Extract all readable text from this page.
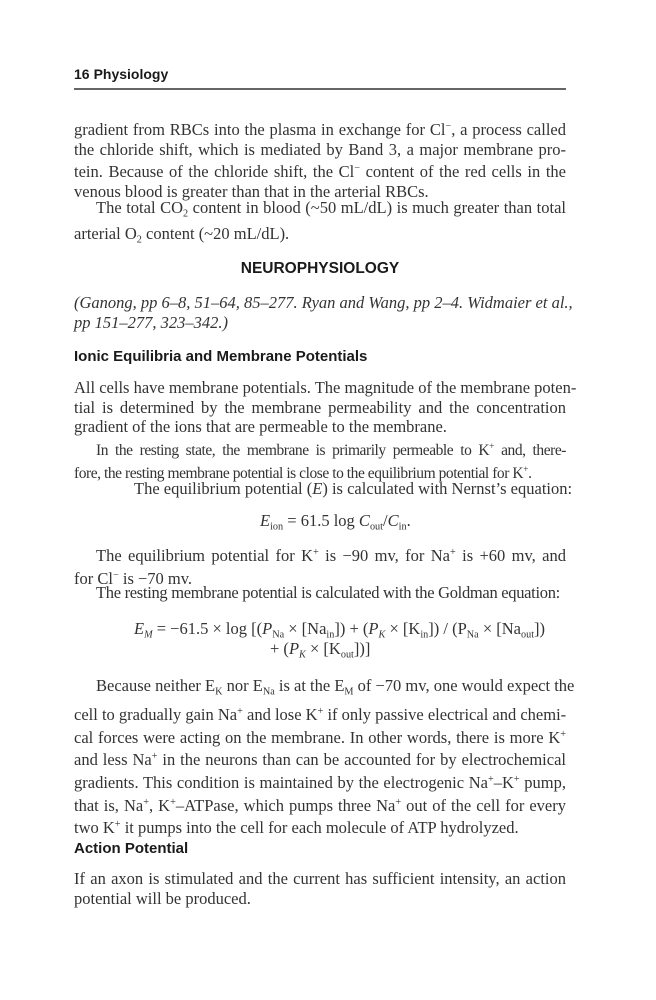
16 Physiology
gradient from RBCs into the plasma in exchange for Cl−, a process called
the chloride shift, which is mediated by Band 3, a major membrane pro-
tein. Because of the chloride shift, the Cl− content of the red cells in the
venous blood is greater than that in the arterial RBCs.
The total $CO_2$ content in blood (~50 mL/dL) is much greater than total
arterial $O_2$ content (~20 mL/dL).
NEUROPHYSIOLOGY
(Ganong, pp 6–8, 51–64, 85–277. Ryan and Wang, pp 2–4. Widmaier et al.,
pp 151–277, 323–342.)
Ionic Equilibria and Membrane Potentials
All cells have membrane potentials. The magnitude of the membrane poten-
tial is determined by the membrane permeability and the concentration
gradient of the ions that are permeable to the membrane.
In the resting state, the membrane is primarily permeable to K+ and, there-
fore, the resting membrane potential is close to the equilibrium potential for K+.
The equilibrium potential (E) is calculated with Nernst’s equation:
$E_{ion} = 61.5$ $\log C_{out}/C_{in}$.
The equilibrium potential for K+ is −90 mv, for Na+ is +60 mv, and
for Cl− is −70 mv.
The resting membrane potential is calculated with the Goldman equation:
$E_M = -61.5 \times \log [(P_{Na} \times [Na_{in}]) + (P_K \times [K_{in}]) / (P_{Na} \times [Na_{out}])$
+ $(P_K \times [K_{out}])$]
Because neither $E_K$ nor $E_{Na}$ is at the $E_M$ of −70 mv, one would expect the
cell to gradually gain Na+ and lose K+ if only passive electrical and chemi-
cal forces were acting on the membrane. In other words, there is more K+
and less Na+ in the neurons than can be accounted for by electrochemical
gradients. This condition is maintained by the electrogenic Na+–K+ pump,
that is, Na+, K+–ATPase, which pumps three Na+ out of the cell for every
two K+ it pumps into the cell for each molecule of ATP hydrolyzed.
Action Potential
If an axon is stimulated and the current has sufficient intensity, an action
potential will be produced.
